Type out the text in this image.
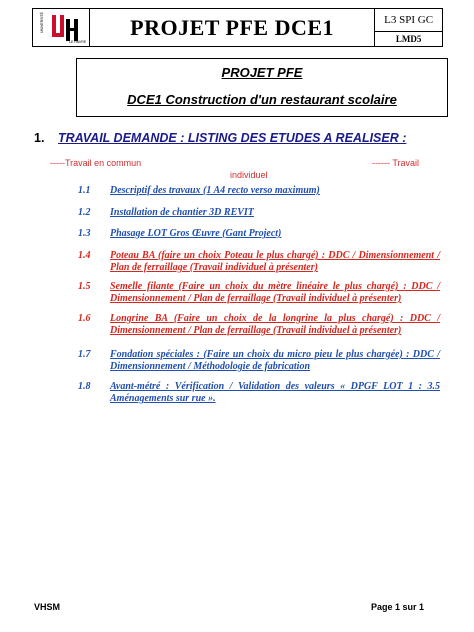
UNIVERSITÉ
LE HAVRE
PROJET PFE DCE1	L3 SPI GC
LMD5
PROJET PFE
DCE1 Construction d'un restaurant scolaire
1. TRAVAIL DEMANDE : LISTING DES ETUDES A REALISER :
-----Travail en commun	------ Travail
individuel
1.1	Descriptif des travaux (1 A4 recto verso maximum)
1.2	Installation de chantier 3D REVIT
1.3	Phasage LOT Gros Œuvre (Gant Project)
1.4	Poteau BA (faire un choix Poteau le plus chargé) : DDC / Dimensionnement / Plan de ferraillage (Travail individuel à présenter)
1.5	Semelle filante (Faire un choix du mètre linéaire le plus chargé) : DDC / Dimensionnement / Plan de ferraillage (Travail individuel à présenter)
1.6	Longrine BA (Faire un choix de la longrine la plus chargé) : DDC / Dimensionnement / Plan de ferraillage (Travail individuel à présenter)
1.7	Fondation spéciales : (Faire un choix du micro pieu le plus chargée) : DDC / Dimensionnement / Méthodologie de fabrication
1.8	Avant-métré : Vérification / Validation des valeurs « DPGF LOT 1 : 3.5 Aménagements sur rue ».
VHSM	Page 1 sur 1
